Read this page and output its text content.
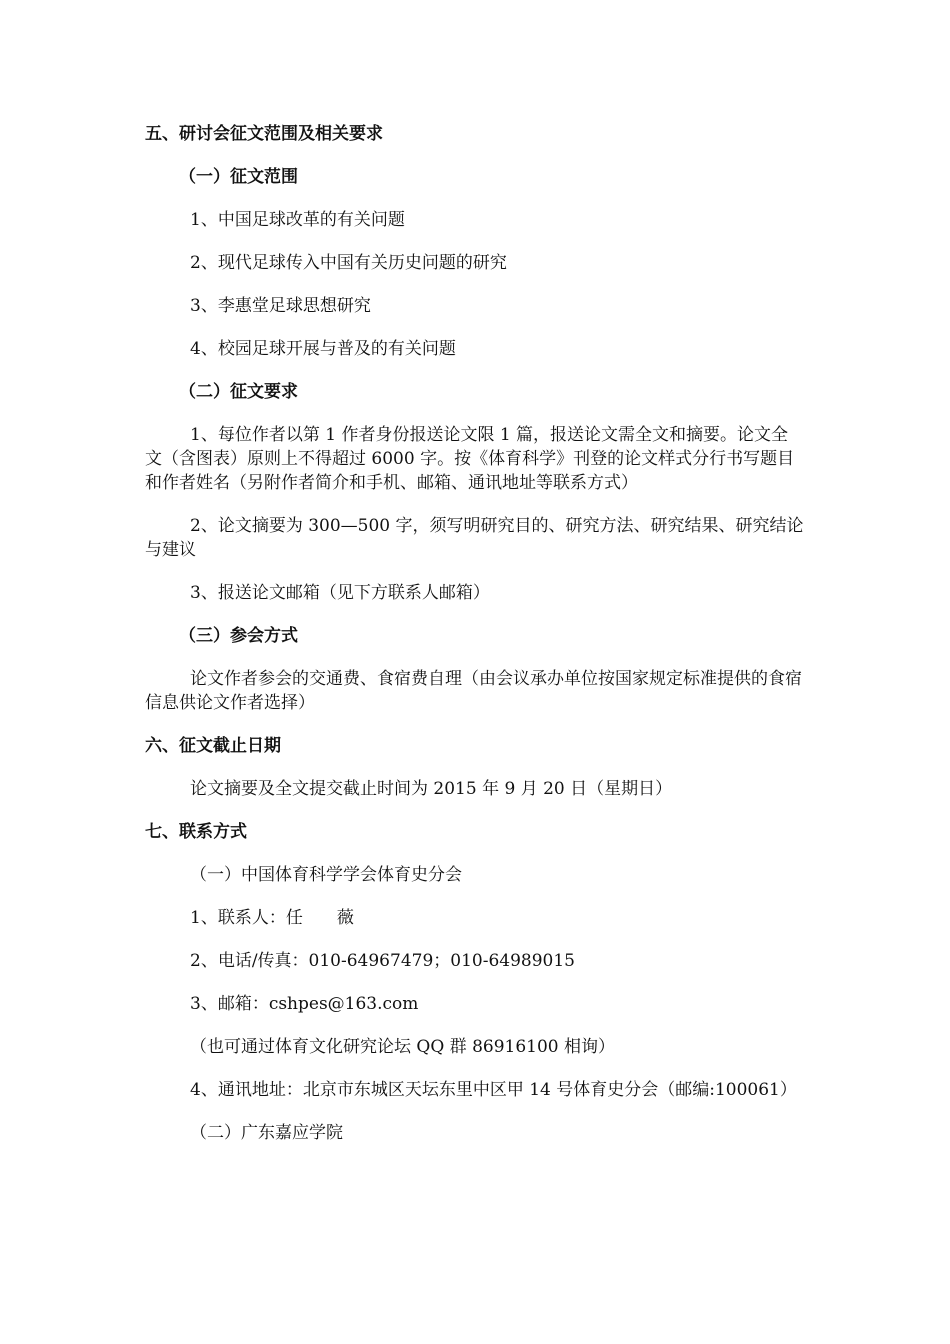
五、研讨会征文范围及相关要求
（一）征文范围
1、中国足球改革的有关问题
2、现代足球传入中国有关历史问题的研究
3、李惠堂足球思想研究
4、校园足球开展与普及的有关问题
（二）征文要求
1、每位作者以第 1 作者身份报送论文限 1 篇，报送论文需全文和摘要。论文全文（含图表）原则上不得超过 6000 字。按《体育科学》刊登的论文样式分行书写题目和作者姓名（另附作者简介和手机、邮箱、通讯地址等联系方式）
2、论文摘要为 300—500 字，须写明研究目的、研究方法、研究结果、研究结论与建议
3、报送论文邮箱（见下方联系人邮箱）
（三）参会方式
论文作者参会的交通费、食宿费自理（由会议承办单位按国家规定标准提供的食宿信息供论文作者选择）
六、征文截止日期
论文摘要及全文提交截止时间为 2015 年 9 月 20 日（星期日）
七、联系方式
（一）中国体育科学学会体育史分会
1、联系人：任　　薇
2、电话/传真：010-64967479；010-64989015
3、邮箱：cshpes@163.com
（也可通过体育文化研究论坛 QQ 群 86916100 相询）
4、通讯地址：北京市东城区天坛东里中区甲 14 号体育史分会（邮编:100061）
（二）广东嘉应学院
